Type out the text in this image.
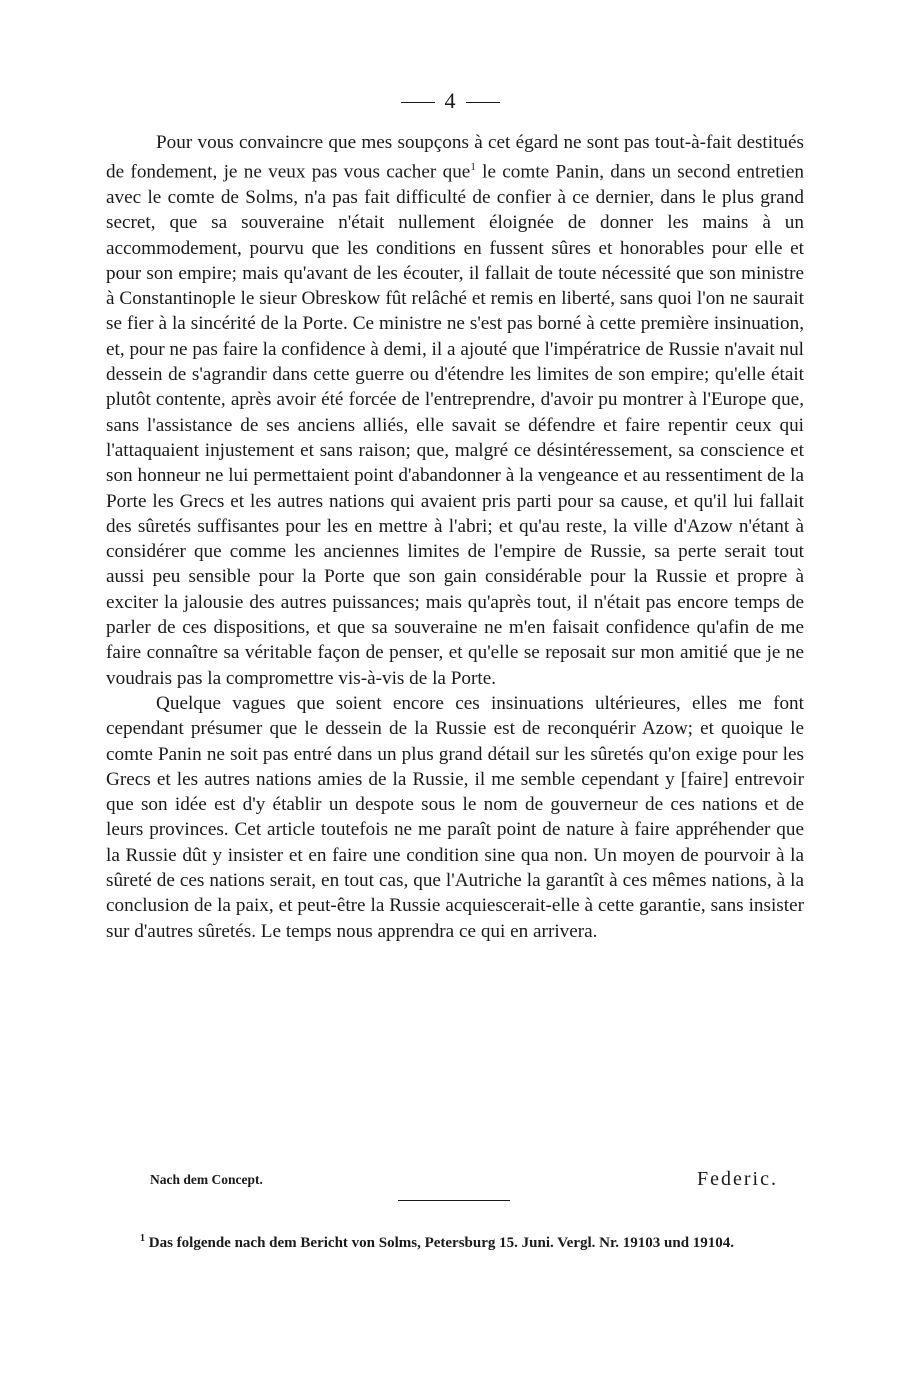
4

Pour vous convaincre que mes soupçons à cet égard ne sont pas tout-à-fait destitués de fondement, je ne veux pas vous cacher que$^1$ le comte Panin, dans un second entretien avec le comte de Solms, n'a pas fait difficulté de confier à ce dernier, dans le plus grand secret, que sa souveraine n'était nullement éloignée de donner les mains à un accommodement, pourvu que les conditions en fussent sûres et honorables pour elle et pour son empire; mais qu'avant de les écouter, il fallait de toute nécessité que son ministre à Constantinople le sieur Obreskow fût relâché et remis en liberté, sans quoi l'on ne saurait se fier à la sincérité de la Porte. Ce ministre ne s'est pas borné à cette première insinuation, et, pour ne pas faire la confidence à demi, il a ajouté que l'impératrice de Russie n'avait nul dessein de s'agrandir dans cette guerre ou d'étendre les limites de son empire; qu'elle était plutôt contente, après avoir été forcée de l'entreprendre, d'avoir pu montrer à l'Europe que, sans l'assistance de ses anciens alliés, elle savait se défendre et faire repentir ceux qui l'attaquaient injustement et sans raison; que, malgré ce désintéressement, sa conscience et son honneur ne lui permettaient point d'abandonner à la vengeance et au ressentiment de la Porte les Grecs et les autres nations qui avaient pris parti pour sa cause, et qu'il lui fallait des sûretés suffisantes pour les en mettre à l'abri; et qu'au reste, la ville d'Azow n'étant à considérer que comme les anciennes limites de l'empire de Russie, sa perte serait tout aussi peu sensible pour la Porte que son gain considérable pour la Russie et propre à exciter la jalousie des autres puissances; mais qu'après tout, il n'était pas encore temps de parler de ces dispositions, et que sa souveraine ne m'en faisait confidence qu'afin de me faire connaître sa véritable façon de penser, et qu'elle se reposait sur mon amitié que je ne voudrais pas la compromettre vis-à-vis de la Porte.

Quelque vagues que soient encore ces insinuations ultérieures, elles me font cependant présumer que le dessein de la Russie est de reconquérir Azow; et quoique le comte Panin ne soit pas entré dans un plus grand détail sur les sûretés qu'on exige pour les Grecs et les autres nations amies de la Russie, il me semble cependant y [faire] entrevoir que son idée est d'y établir un despote sous le nom de gouverneur de ces nations et de leurs provinces. Cet article toutefois ne me paraît point de nature à faire appréhender que la Russie dût y insister et en faire une condition sine qua non. Un moyen de pourvoir à la sûreté de ces nations serait, en tout cas, que l'Autriche la garantît à ces mêmes nations, à la conclusion de la paix, et peut-être la Russie acquiescerait-elle à cette garantie, sans insister sur d'autres sûretés. Le temps nous apprendra ce qui en arrivera.

Nach dem Concept.	Federic.
$^1$ Das folgende nach dem Bericht von Solms, Petersburg 15. Juni. Vergl. Nr. 19103 und 19104.
